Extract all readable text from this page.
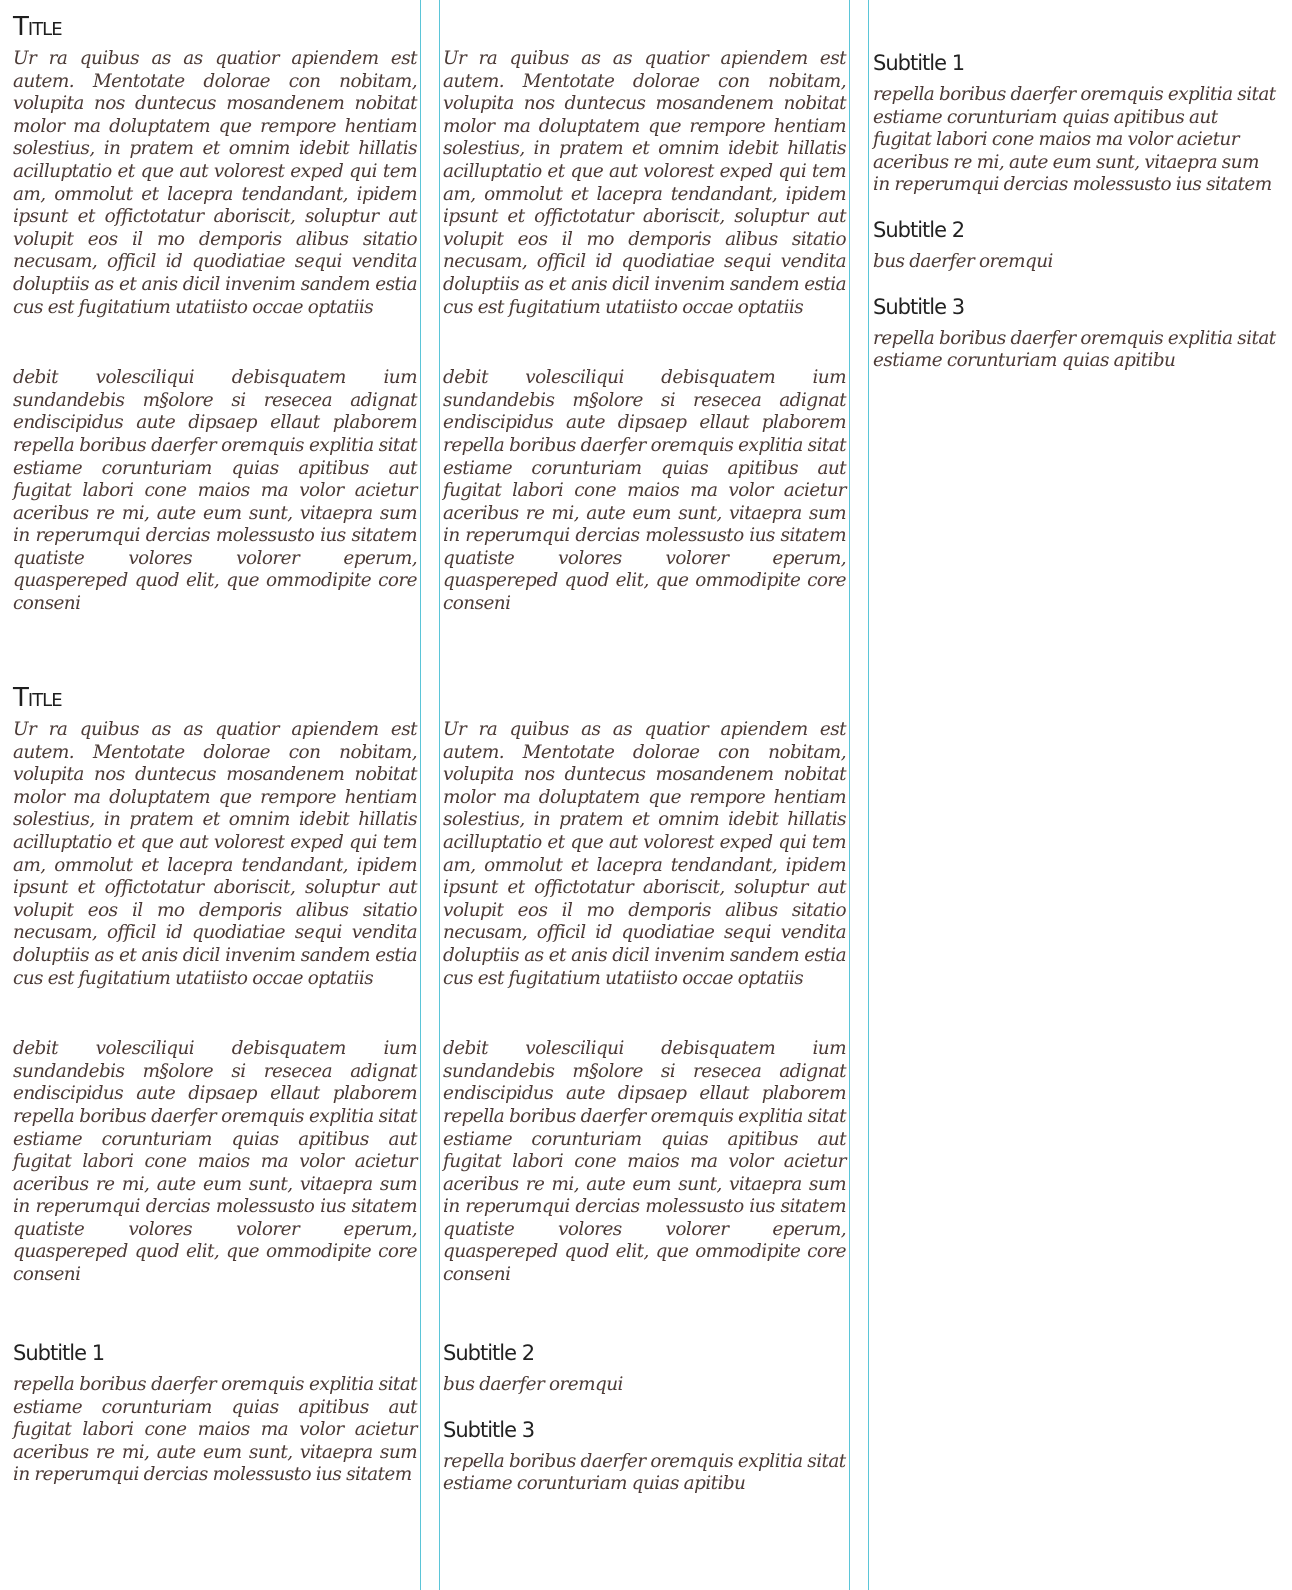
Title

Ur ra quibus as as quatior apiendem est autem. Mentotate dolorae con nobitam, volupita nos duntecus mosandenem nobitat molor ma doluptatem que rempore hentiam solestius, in pratem et omnim idebit hillatis acilluptatio et que aut volorest exped qui tem am, ommolut et lacepra tendandant, ipidem ipsunt et offictotatur aboriscit, soluptur aut volupit eos il mo demporis alibus sitatio necusam, officil id quodiatiae sequi vendita doluptiis as et anis dicil invenim sandem estia cus est fugitatium utatiisto occae optatiis

debit volesciliqui debisquatem ium sundandebis m§olore si resecea adignat endiscipidus aute dipsaep ellaut plaborem repella boribus daerfer oremquis explitia sitat estiame corunturiam quias apitibus aut fugitat labori cone maios ma volor acietur aceribus re mi, aute eum sunt, vitaepra sum in reperumqui dercias molessusto ius sitatem quatiste volores volorer eperum, quaspereped quod elit, que ommodipite core conseni

Ur ra quibus as as quatior apiendem est autem. Mentotate dolorae con nobitam, volupita nos duntecus mosandenem nobitat molor ma doluptatem que rempore hentiam solestius, in pratem et omnim idebit hillatis acilluptatio et que aut volorest exped qui tem am, ommolut et lacepra tendandant, ipidem ipsunt et offictotatur aboriscit, soluptur aut volupit eos il mo demporis alibus sitatio necusam, officil id quodiatiae sequi vendita doluptiis as et anis dicil invenim sandem estia cus est fugitatium utatiisto occae optatiis

debit volesciliqui debisquatem ium sundandebis m§olore si resecea adignat endiscipidus aute dipsaep ellaut plaborem repella boribus daerfer oremquis explitia sitat estiame corunturiam quias apitibus aut fugitat labori cone maios ma volor acietur aceribus re mi, aute eum sunt, vitaepra sum in reperumqui dercias molessusto ius sitatem quatiste volores volorer eperum, quaspereped quod elit, que ommodipite core conseni

Subtitle 1

repella boribus daerfer oremquis explitia sitat estiame corunturiam quias apitibus aut fugitat labori cone maios ma volor acietur aceribus re mi, aute eum sunt, vitaepra sum in reperumqui dercias molessusto ius sitatem

Subtitle 2

bus daerfer oremqui

Subtitle 3

repella boribus daerfer oremquis explitia sitat estiame corunturiam quias apitibu

Title

Ur ra quibus as as quatior apiendem est autem. Mentotate dolorae con nobitam, volupita nos duntecus mosandenem nobitat molor ma doluptatem que rempore hentiam solestius, in pratem et omnim idebit hillatis acilluptatio et que aut volorest exped qui tem am, ommolut et lacepra tendandant, ipidem ipsunt et offictotatur aboriscit, soluptur aut volupit eos il mo demporis alibus sitatio necusam, officil id quodiatiae sequi vendita doluptiis as et anis dicil invenim sandem estia cus est fugitatium utatiisto occae optatiis

debit volesciliqui debisquatem ium sundandebis m§olore si resecea adignat endiscipidus aute dipsaep ellaut plaborem repella boribus daerfer oremquis explitia sitat estiame corunturiam quias apitibus aut fugitat labori cone maios ma volor acietur aceribus re mi, aute eum sunt, vitaepra sum in reperumqui dercias molessusto ius sitatem quatiste volores volorer eperum, quaspereped quod elit, que ommodipite core conseni

Ur ra quibus as as quatior apiendem est autem. Mentotate dolorae con nobitam, volupita nos duntecus mosandenem nobitat molor ma doluptatem que rempore hentiam solestius, in pratem et omnim idebit hillatis acilluptatio et que aut volorest exped qui tem am, ommolut et lacepra tendandant, ipidem ipsunt et offictotatur aboriscit, soluptur aut volupit eos il mo demporis alibus sitatio necusam, officil id quodiatiae sequi vendita doluptiis as et anis dicil invenim sandem estia cus est fugitatium utatiisto occae optatiis

debit volesciliqui debisquatem ium sundandebis m§olore si resecea adignat endiscipidus aute dipsaep ellaut plaborem repella boribus daerfer oremquis explitia sitat estiame corunturiam quias apitibus aut fugitat labori cone maios ma volor acietur aceribus re mi, aute eum sunt, vitaepra sum in reperumqui dercias molessusto ius sitatem quatiste volores volorer eperum, quaspereped quod elit, que ommodipite core conseni

Subtitle 1

repella boribus daerfer oremquis explitia sitat estiame corunturiam quias apitibus aut fugitat labori cone maios ma volor acietur aceribus re mi, aute eum sunt, vitaepra sum in reperumqui dercias molessusto ius sitatem

Subtitle 2

bus daerfer oremqui

Subtitle 3

repella boribus daerfer oremquis explitia sitat estiame corunturiam quias apitibu
